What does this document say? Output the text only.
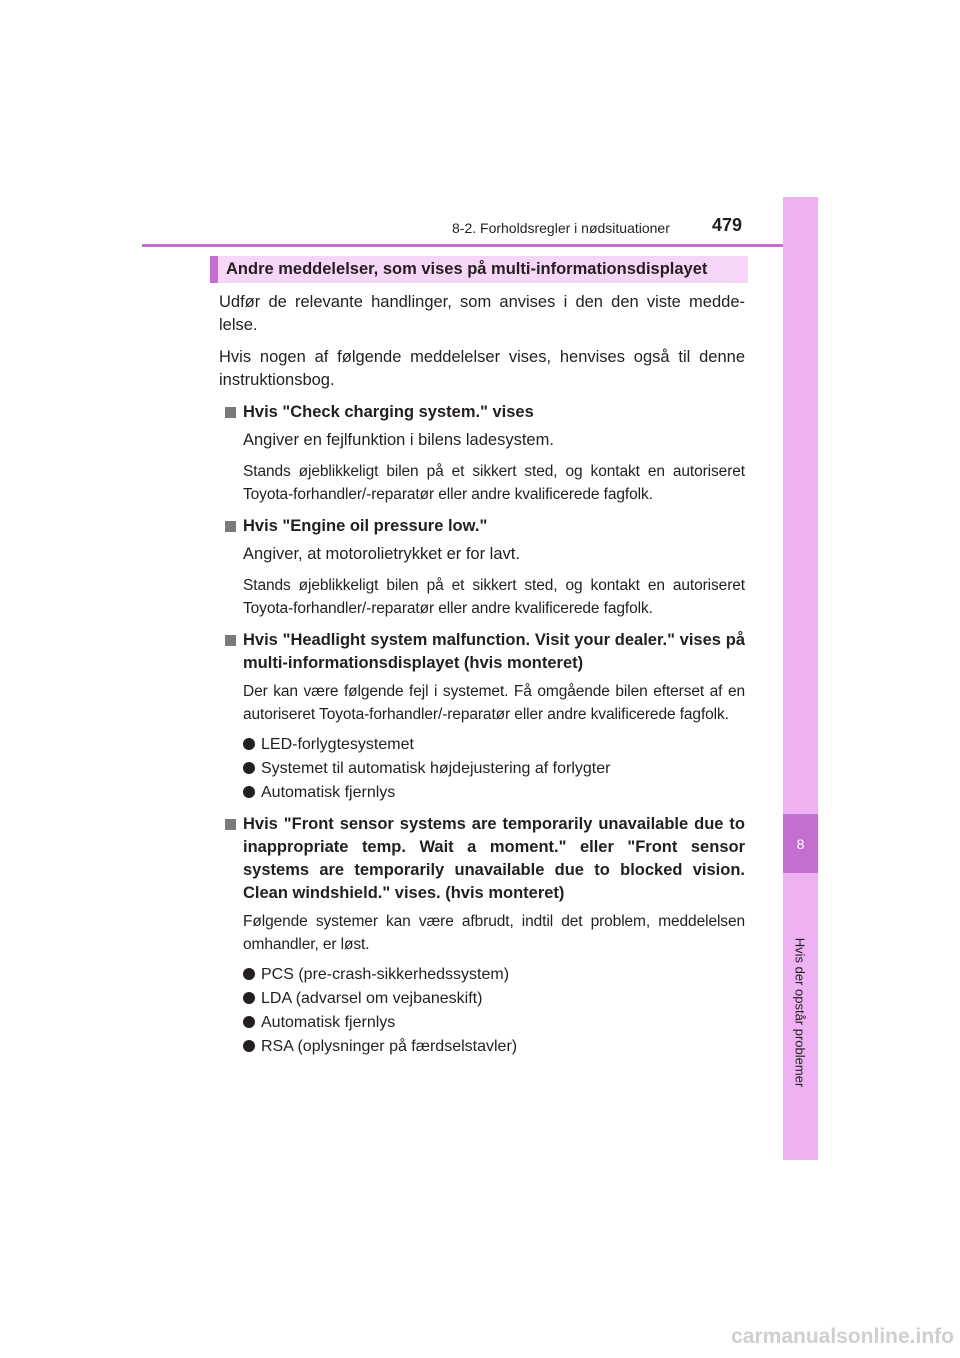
8-2. Forholdsregler i nødsituationer 479
8
Hvis der opstår problemer
Andre meddelelser, som vises på multi-informationsdisplayet

Udfør de relevante handlinger, som anvises i den den viste medde-lelse.

Hvis nogen af følgende meddelelser vises, henvises også til denne instruktionsbog.

Hvis "Check charging system." vises

Angiver en fejlfunktion i bilens ladesystem.

Stands øjeblikkeligt bilen på et sikkert sted, og kontakt en autoriseret Toyota-forhandler/-reparatør eller andre kvalificerede fagfolk.

Hvis "Engine oil pressure low."

Angiver, at motorolietrykket er for lavt.

Stands øjeblikkeligt bilen på et sikkert sted, og kontakt en autoriseret Toyota-forhandler/-reparatør eller andre kvalificerede fagfolk.

Hvis "Headlight system malfunction. Visit your dealer." vises på multi-informationsdisplayet (hvis monteret)

Der kan være følgende fejl i systemet. Få omgående bilen efterset af en autoriseret Toyota-forhandler/-reparatør eller andre kvalificerede fagfolk.

LED-forlygtesystemet
Systemet til automatisk højdejustering af forlygter
Automatisk fjernlys
Hvis "Front sensor systems are temporarily unavailable due to inappropriate temp. Wait a moment." eller "Front sensor systems are temporarily unavailable due to blocked vision. Clean windshield." vises. (hvis monteret)

Følgende systemer kan være afbrudt, indtil det problem, meddelelsen omhandler, er løst.

PCS (pre-crash-sikkerhedssystem)
LDA (advarsel om vejbaneskift)
Automatisk fjernlys
RSA (oplysninger på færdselstavler)
carmanualsonline.info
